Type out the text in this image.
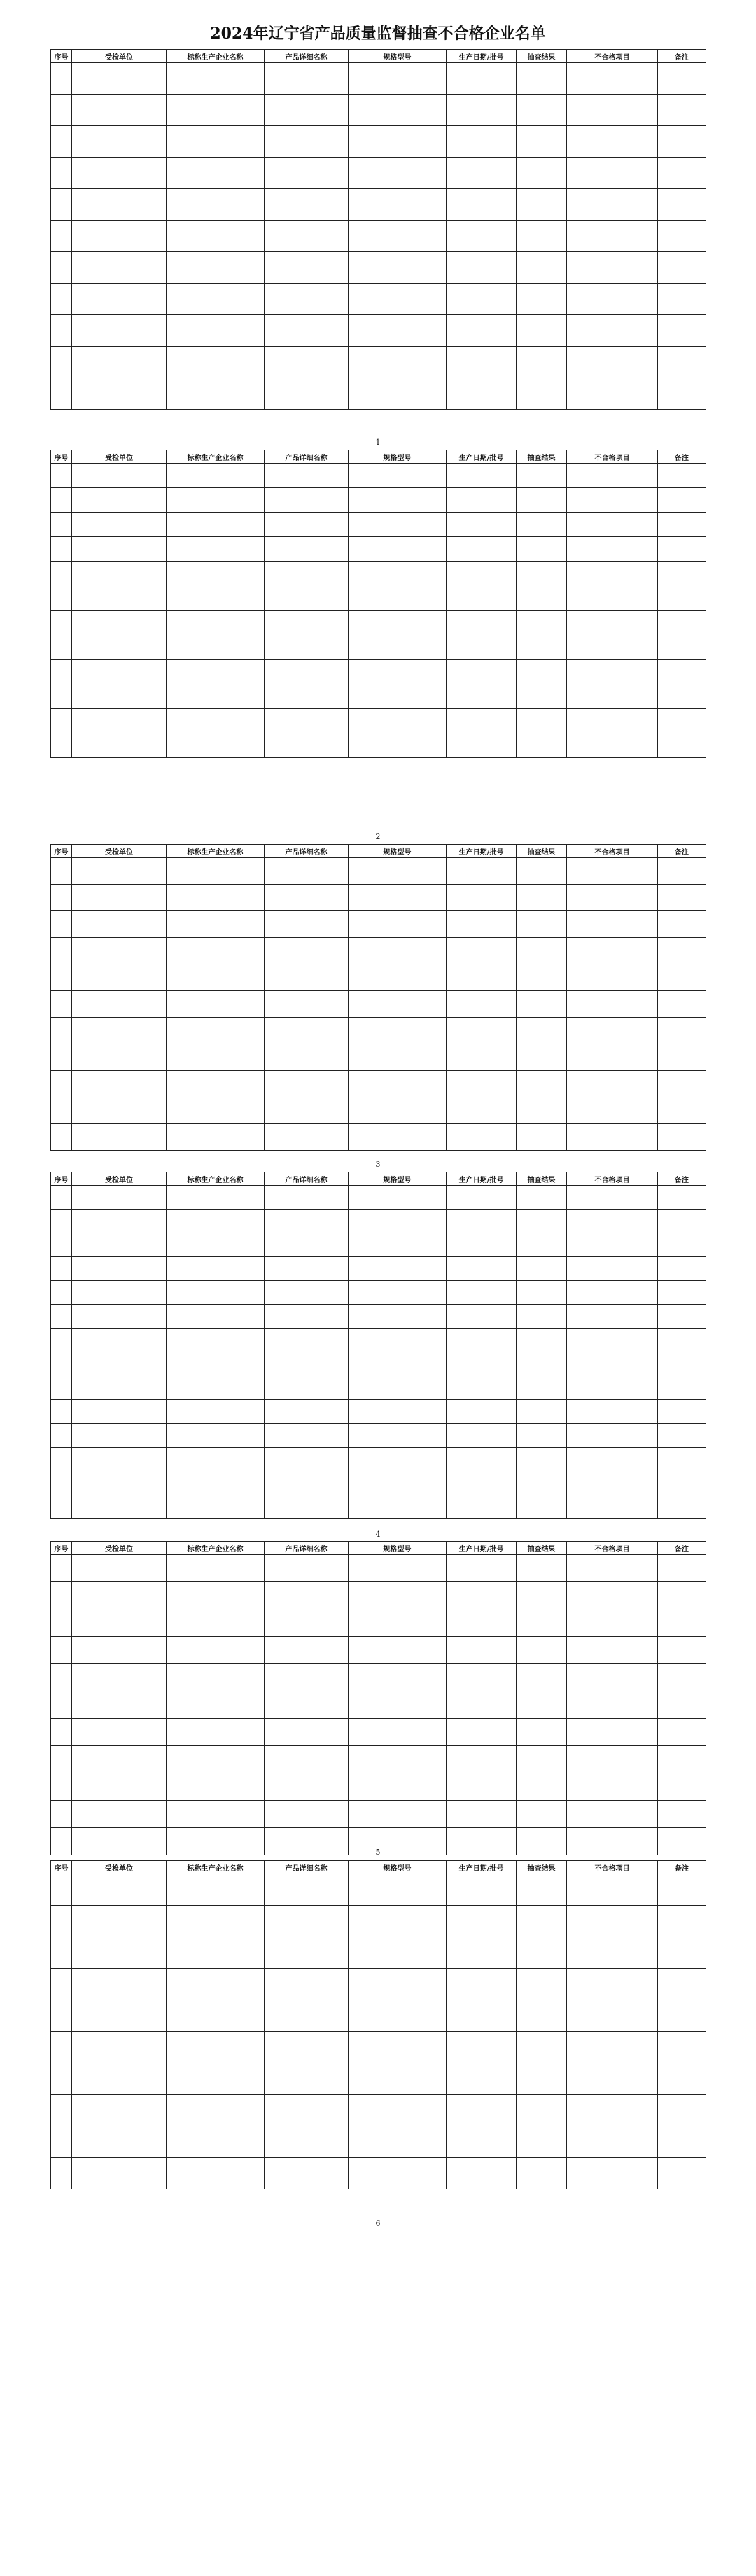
2024年辽宁省产品质量监督抽查不合格企业名单
序号	受检单位	标称生产企业名称	产品详细名称	规格型号	生产日期/批号	抽查结果	不合格项目	备注

1
序号	受检单位	标称生产企业名称	产品详细名称	规格型号	生产日期/批号	抽查结果	不合格项目	备注

2
序号	受检单位	标称生产企业名称	产品详细名称	规格型号	生产日期/批号	抽查结果	不合格项目	备注

3
序号	受检单位	标称生产企业名称	产品详细名称	规格型号	生产日期/批号	抽查结果	不合格项目	备注

4
序号	受检单位	标称生产企业名称	产品详细名称	规格型号	生产日期/批号	抽查结果	不合格项目	备注

5
序号	受检单位	标称生产企业名称	产品详细名称	规格型号	生产日期/批号	抽查结果	不合格项目	备注

6
